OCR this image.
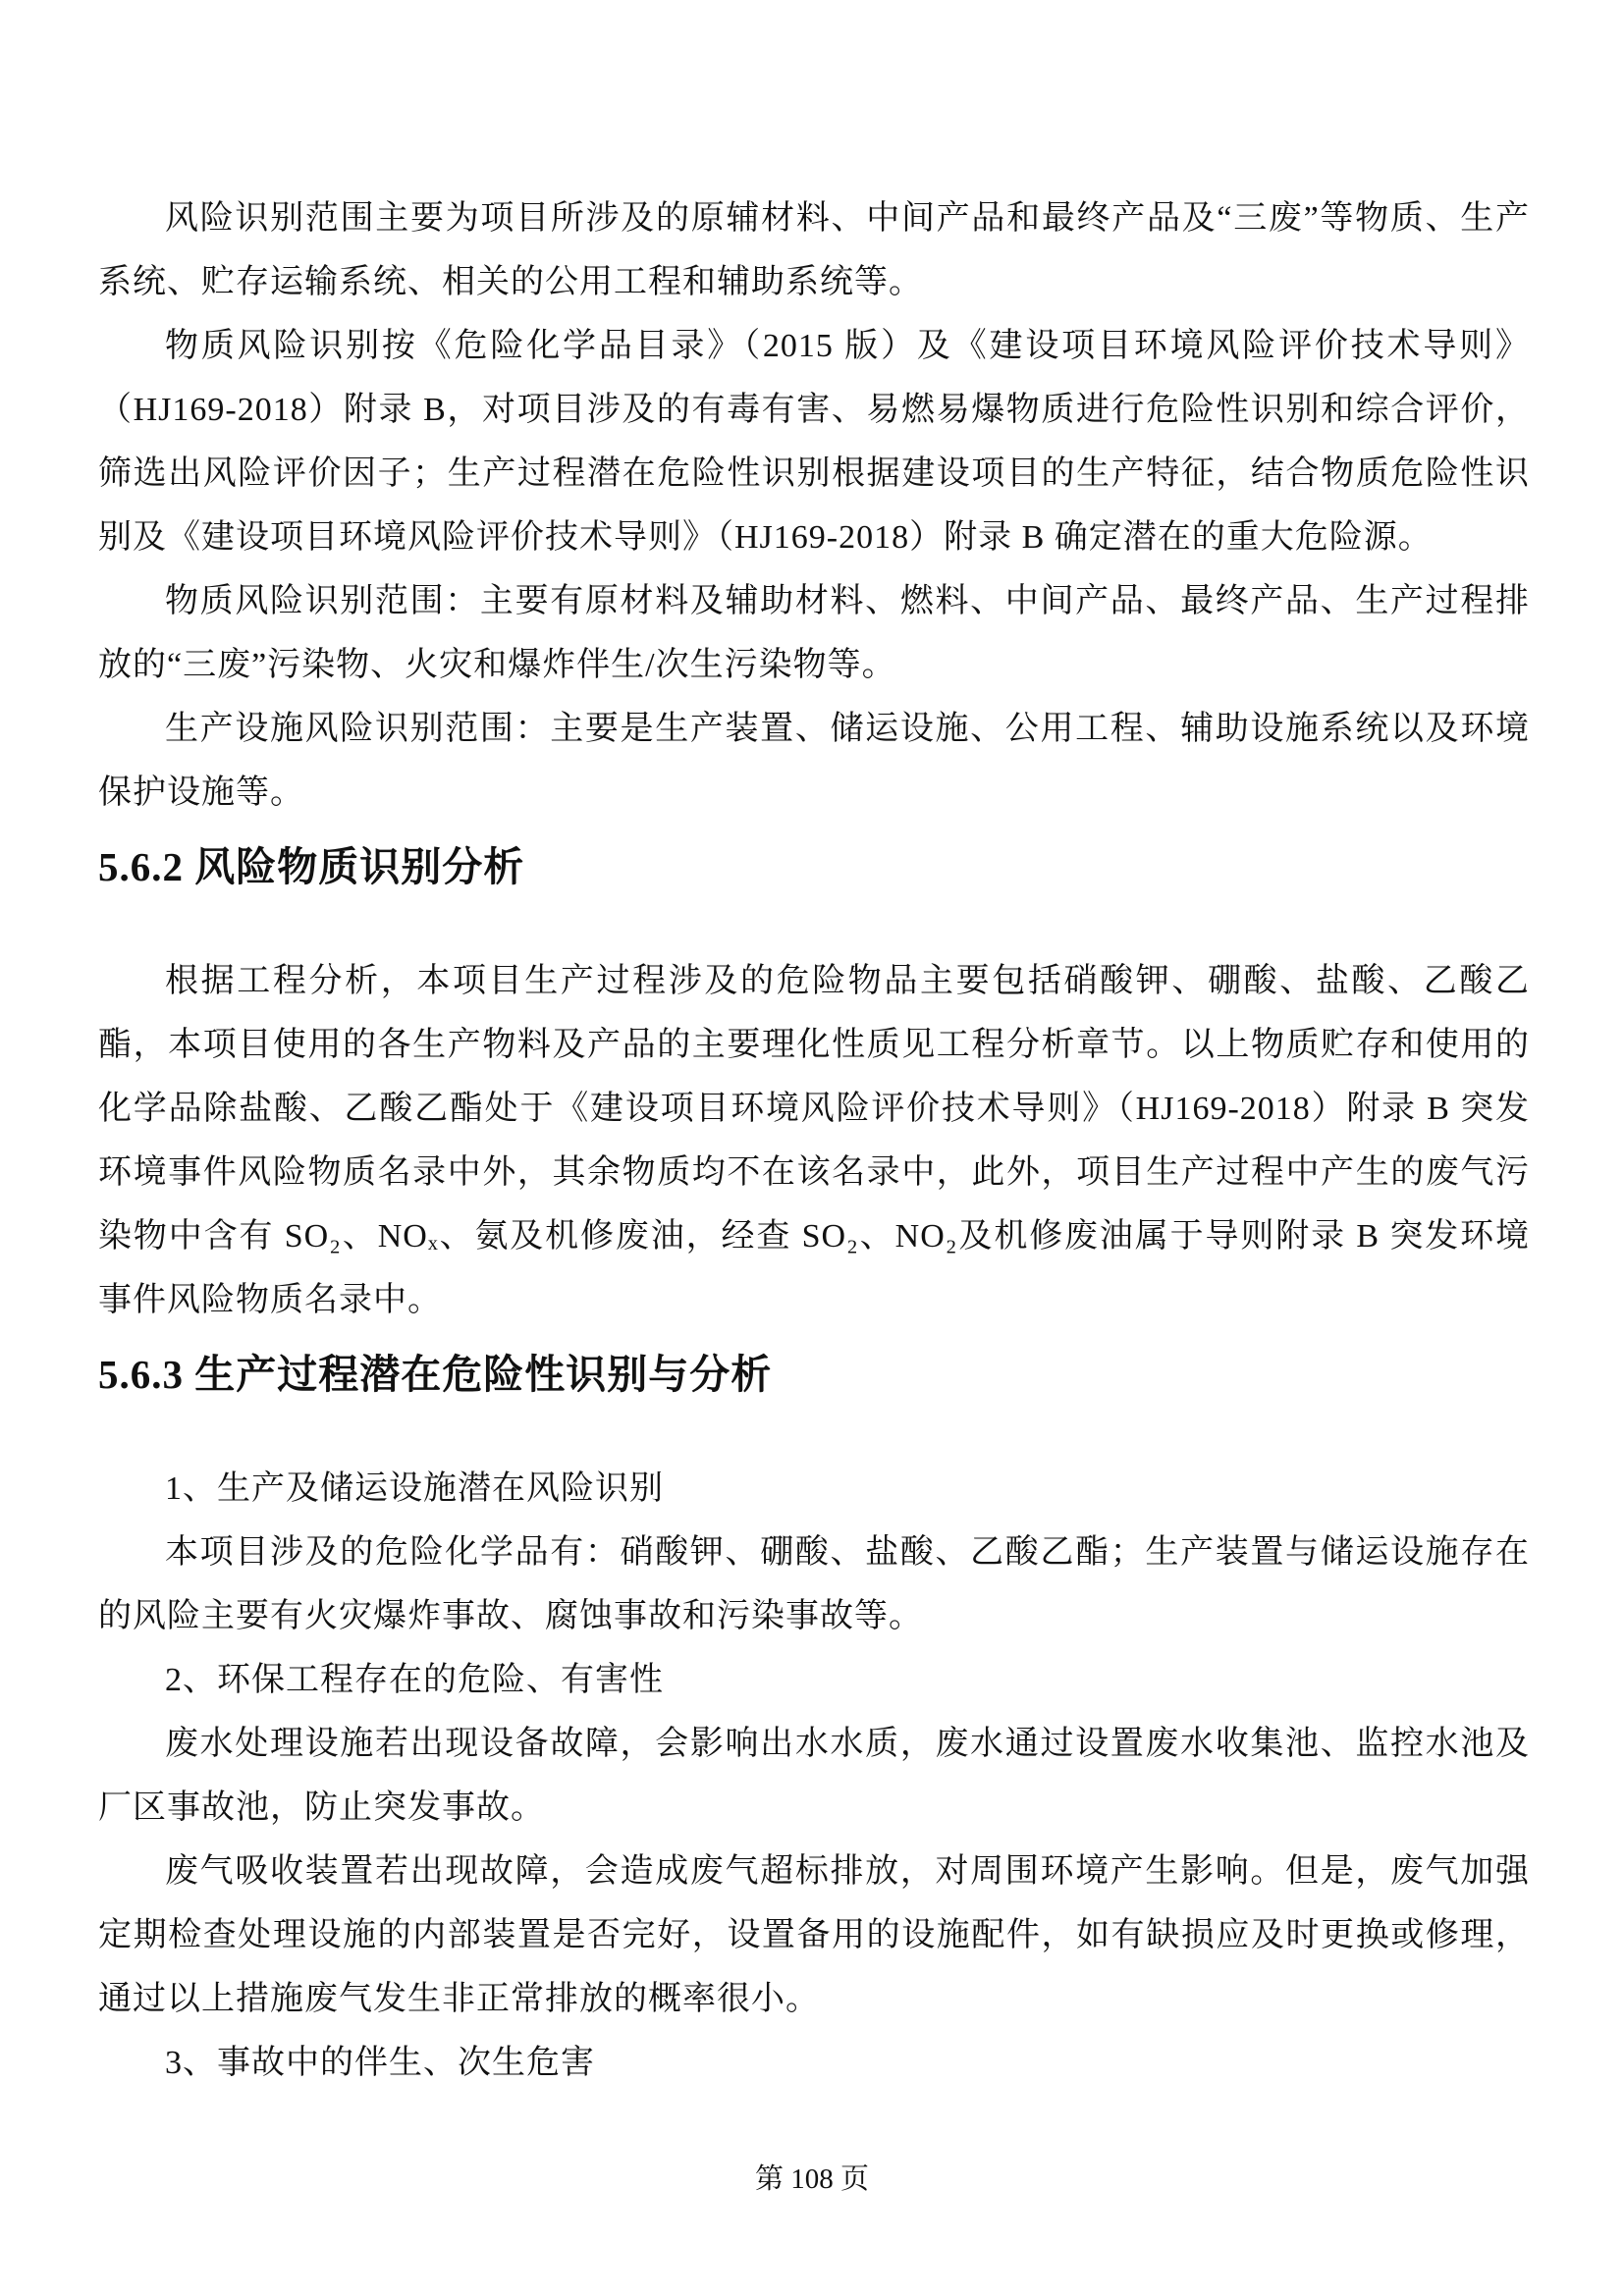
风险识别范围主要为项目所涉及的原辅材料、中间产品和最终产品及“三废”等物质、生产系统、贮存运输系统、相关的公用工程和辅助系统等。

物质风险识别按《危险化学品目录》（2015 版）及《建设项目环境风险评价技术导则》（HJ169-2018）附录 B，对项目涉及的有毒有害、易燃易爆物质进行危险性识别和综合评价，筛选出风险评价因子；生产过程潜在危险性识别根据建设项目的生产特征，结合物质危险性识别及《建设项目环境风险评价技术导则》（HJ169-2018）附录 B 确定潜在的重大危险源。

物质风险识别范围：主要有原材料及辅助材料、燃料、中间产品、最终产品、生产过程排放的“三废”污染物、火灾和爆炸伴生/次生污染物等。

生产设施风险识别范围：主要是生产装置、储运设施、公用工程、辅助设施系统以及环境保护设施等。

5.6.2 风险物质识别分析

根据工程分析，本项目生产过程涉及的危险物品主要包括硝酸钾、硼酸、盐酸、乙酸乙酯，本项目使用的各生产物料及产品的主要理化性质见工程分析章节。以上物质贮存和使用的化学品除盐酸、乙酸乙酯处于《建设项目环境风险评价技术导则》（HJ169-2018）附录 B 突发环境事件风险物质名录中外，其余物质均不在该名录中，此外，项目生产过程中产生的废气污染物中含有 SO₂、NOₓ、氨及机修废油，经查 SO₂、NO₂及机修废油属于导则附录 B 突发环境事件风险物质名录中。

5.6.3 生产过程潜在危险性识别与分析

1、生产及储运设施潜在风险识别

本项目涉及的危险化学品有：硝酸钾、硼酸、盐酸、乙酸乙酯；生产装置与储运设施存在的风险主要有火灾爆炸事故、腐蚀事故和污染事故等。

2、环保工程存在的危险、有害性

废水处理设施若出现设备故障，会影响出水水质，废水通过设置废水收集池、监控水池及厂区事故池，防止突发事故。

废气吸收装置若出现故障，会造成废气超标排放，对周围环境产生影响。但是，废气加强定期检查处理设施的内部装置是否完好，设置备用的设施配件，如有缺损应及时更换或修理，通过以上措施废气发生非正常排放的概率很小。

3、事故中的伴生、次生危害

第 108 页
